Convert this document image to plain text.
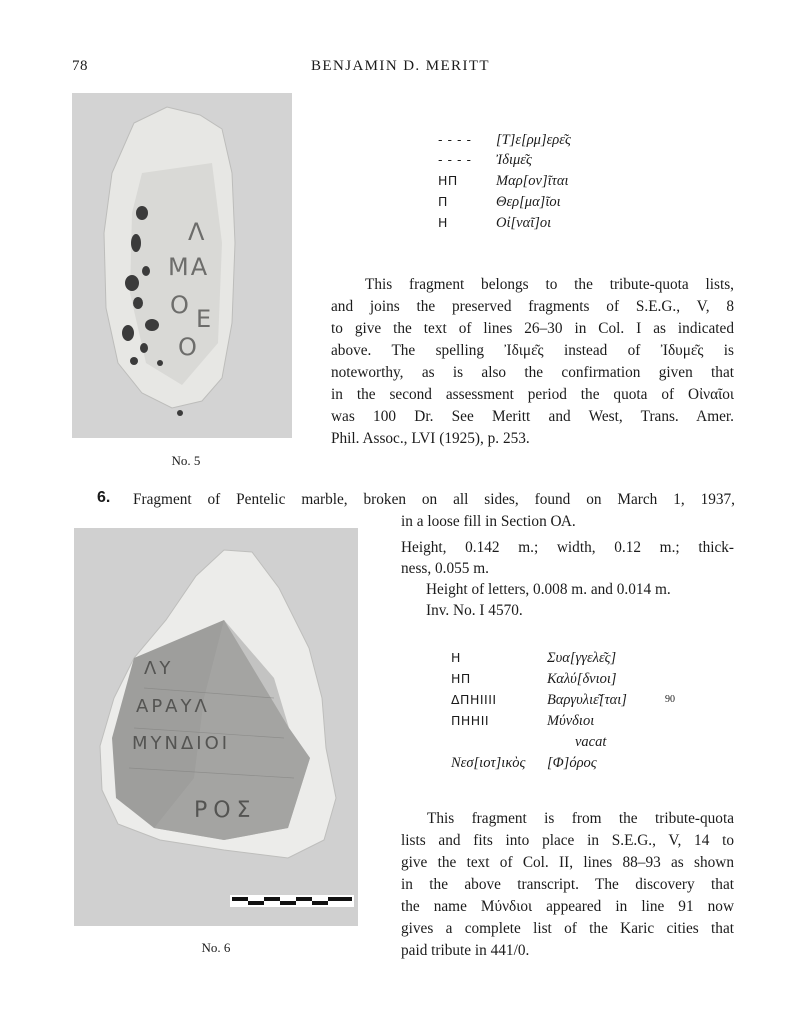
78	BENJAMIN D. MERITT
Λ
ΜΑ
Ο Ε
Ο
No. 5
- - - - [Τ]ε[ρμ]ερε͂ς
- - - - Ἰδιμε͂ς
ΗΠ	Μαρ[ον]ῖται
Π	Θερ[μα]ῖοι
Η	Οἰ[ναῖ]οι
This fragment belongs to the tribute-quota lists,
and joins the preserved fragments of S.E.G., V, 8
to give the text of lines 26–30 in Col. I as indicated
above. The spelling Ἰδιμε͂ς instead of Ἰδυμε͂ς is
noteworthy, as is also the confirmation given that
in the second assessment period the quota of Οἰναῖοι
was 100 Dr. See Meritt and West, Trans. Amer.
Phil. Assoc., LVI (1925), p. 253.
6. Fragment of Pentelic marble, broken on all sides, found on March 1, 1937,
in a loose fill in Section ΟΑ.
Height, 0.142 m.; width, 0.12 m.; thick-
ness, 0.055 m.
Height of letters, 0.008 m. and 0.014 m.
Inv. No. I 4570.
ΛΥ
ΑΡΑΥΛ
ΜΥΝΔΙΟΙ
ΡΟΣ
No. 6
Η	Συα[γγελε͂ς]
ΗΠ	Καλύ[δνιοι]
ΔΠΗΙΙΙΙ	Βαργυλιε͂[ται]	90
ΠΗΗΙΙ	Μύνδιοι
vacat
Νεσ[ιοτ]ικὸς [Φ]όρος
This fragment is from the tribute-quota
lists and fits into place in S.E.G., V, 14 to
give the text of Col. II, lines 88–93 as shown
in the above transcript. The discovery that
the name Μύνδιοι appeared in line 91 now
gives a complete list of the Karic cities that
paid tribute in 441/0.
